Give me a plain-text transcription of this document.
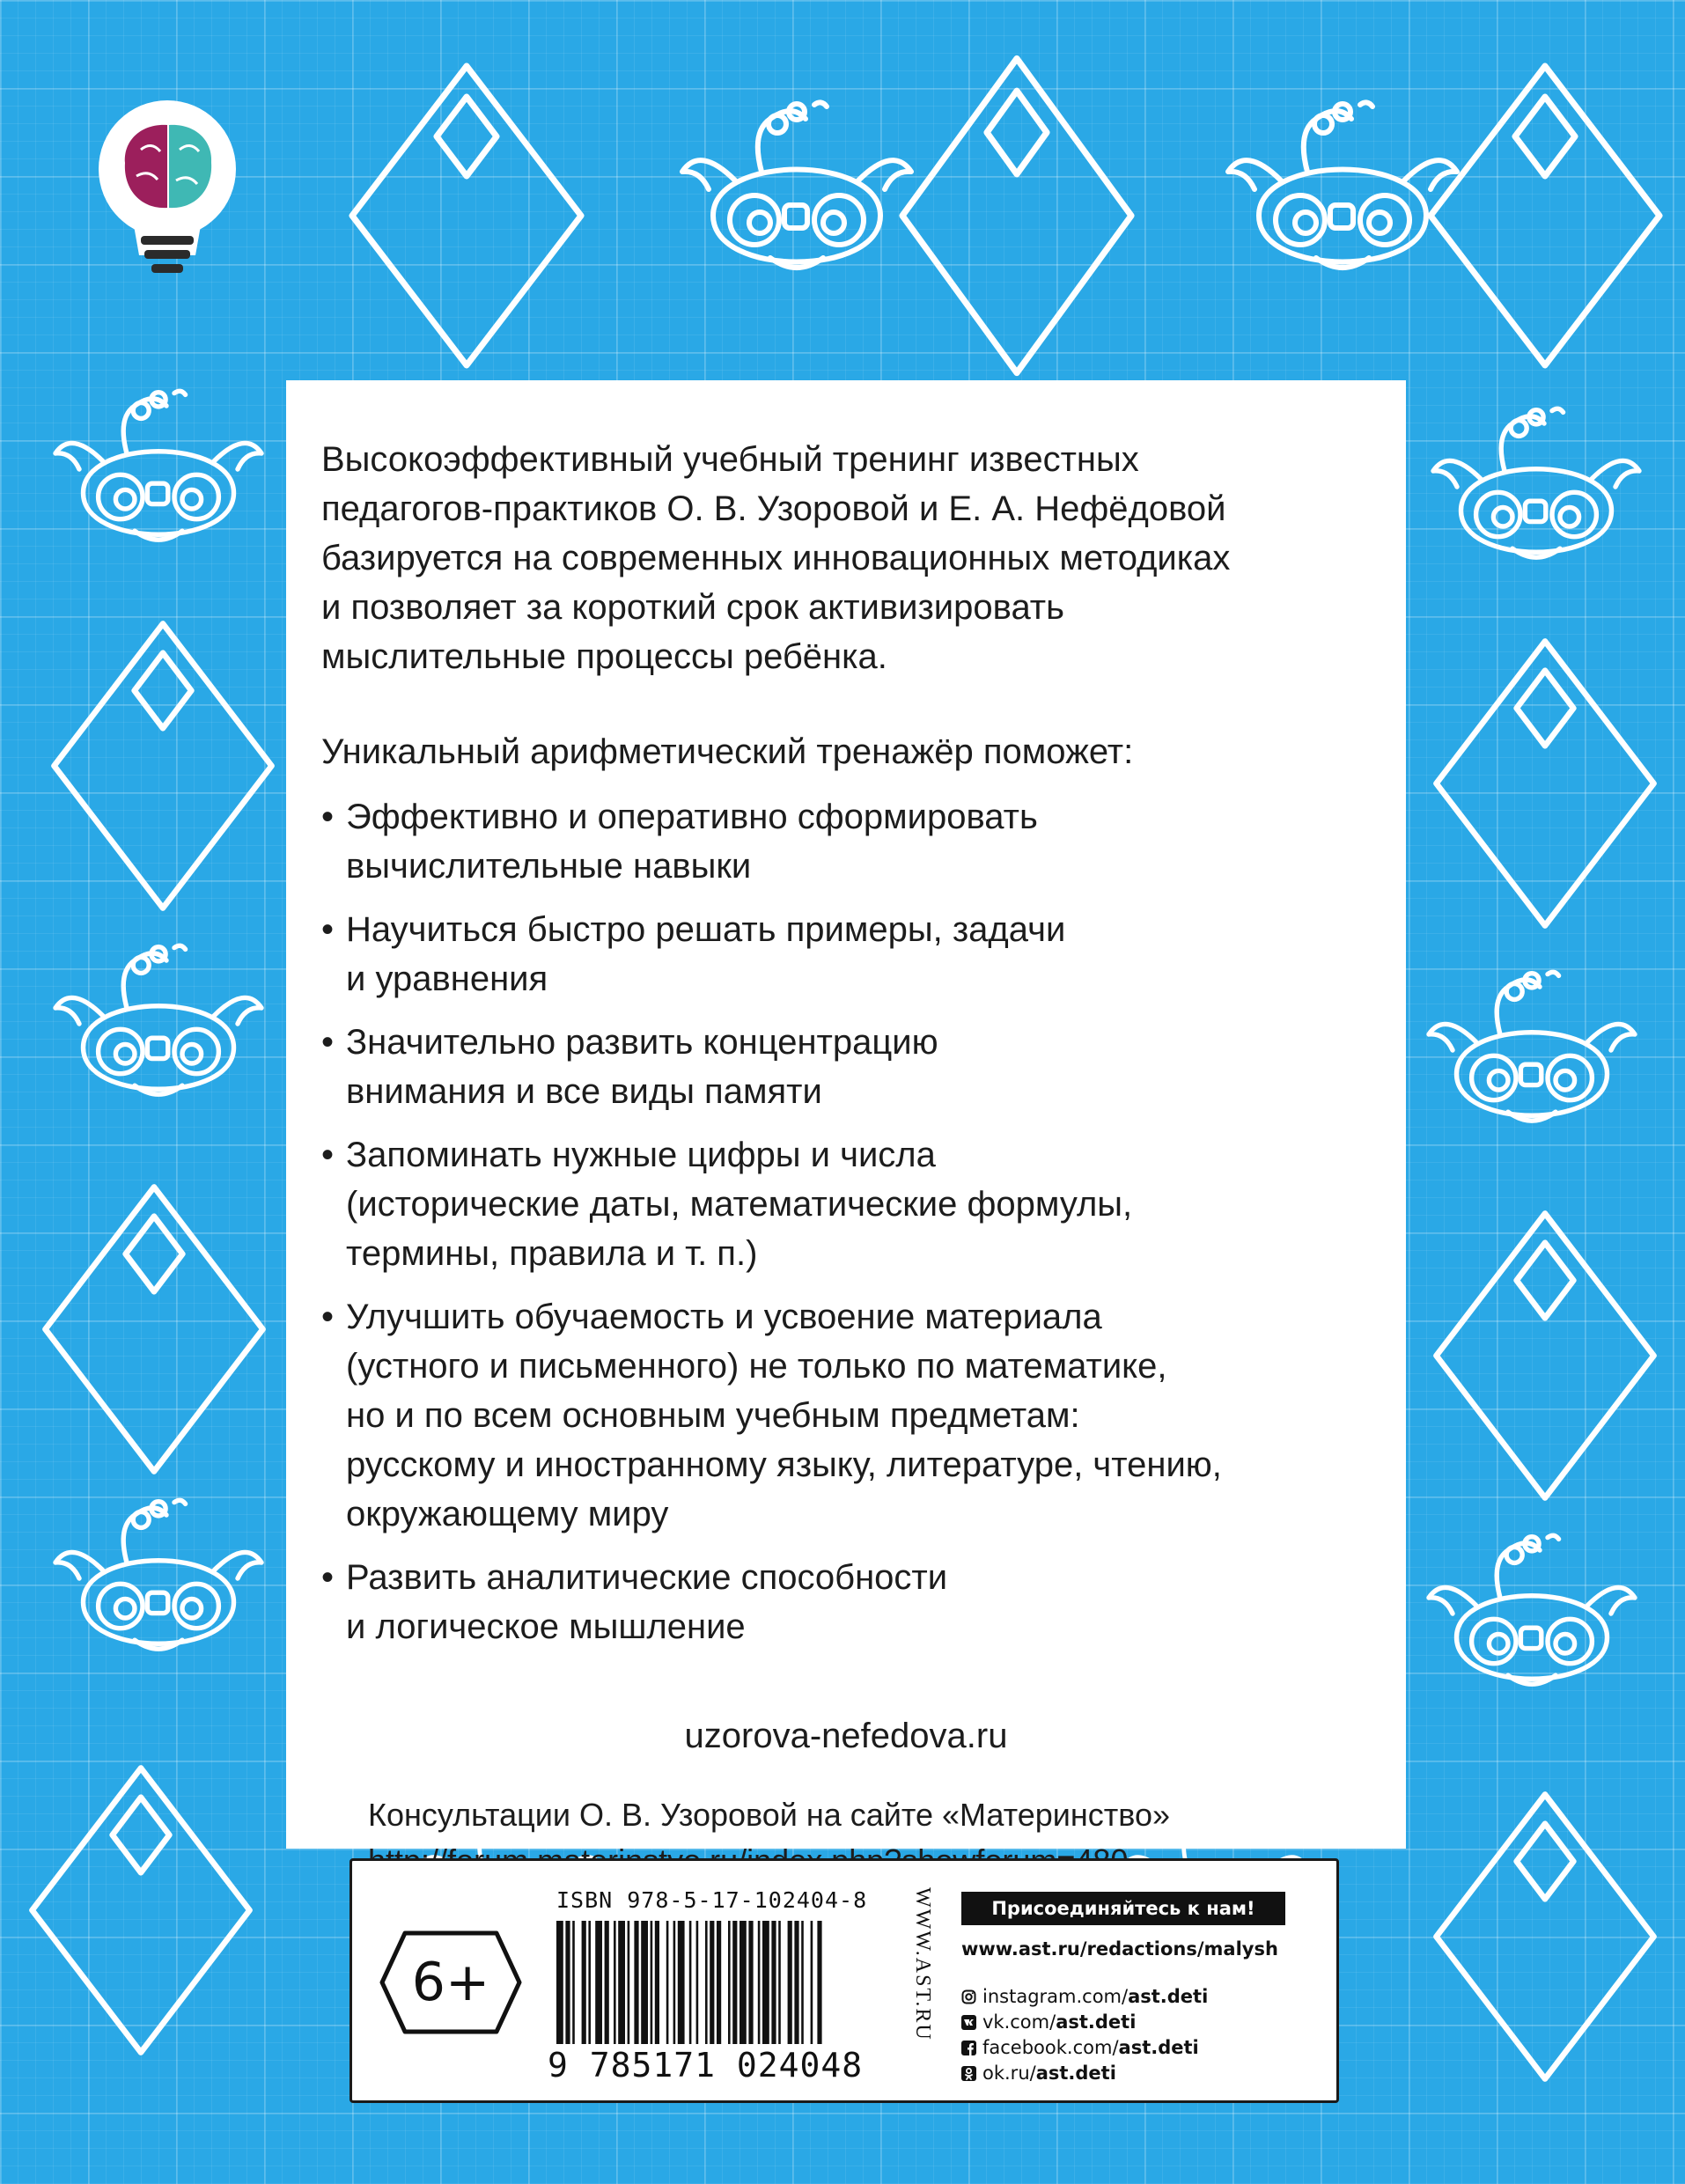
Высокоэффективный учебный тренинг известных
педагогов-практиков О. В. Узоровой и Е. А. Нефёдовой
базируется на современных инновационных методиках
и позволяет за короткий срок активизировать
мыслительные процессы ребёнка.

Уникальный арифметический тренажёр поможет:

• Эффективно и оперативно сформировать
вычислительные навыки
• Научиться быстро решать примеры, задачи
и уравнения
• Значительно развить концентрацию
внимания и все виды памяти
• Запоминать нужные цифры и числа
(исторические даты, математические формулы,
термины, правила и т. п.)
• Улучшить обучаемость и усвоение материала
(устного и письменного) не только по математике,
но и по всем основным учебным предметам:
русскому и иностранному языку, литературе, чтению,
окружающему миру
• Развить аналитические способности
и логическое мышление
uzorova-nefedova.ru
Консультации О. В. Узоровой на сайте «Материнство»

6+
ISBN 978-5-17-102404-8
9 785171 024048
WWW.AST.RU	Присоединяйтесь к нам!
www.ast.ru/redactions/malysh
instagram.com/ast.deti
vk.com/ast.deti
facebook.com/ast.deti
ok.ru/ast.deti
